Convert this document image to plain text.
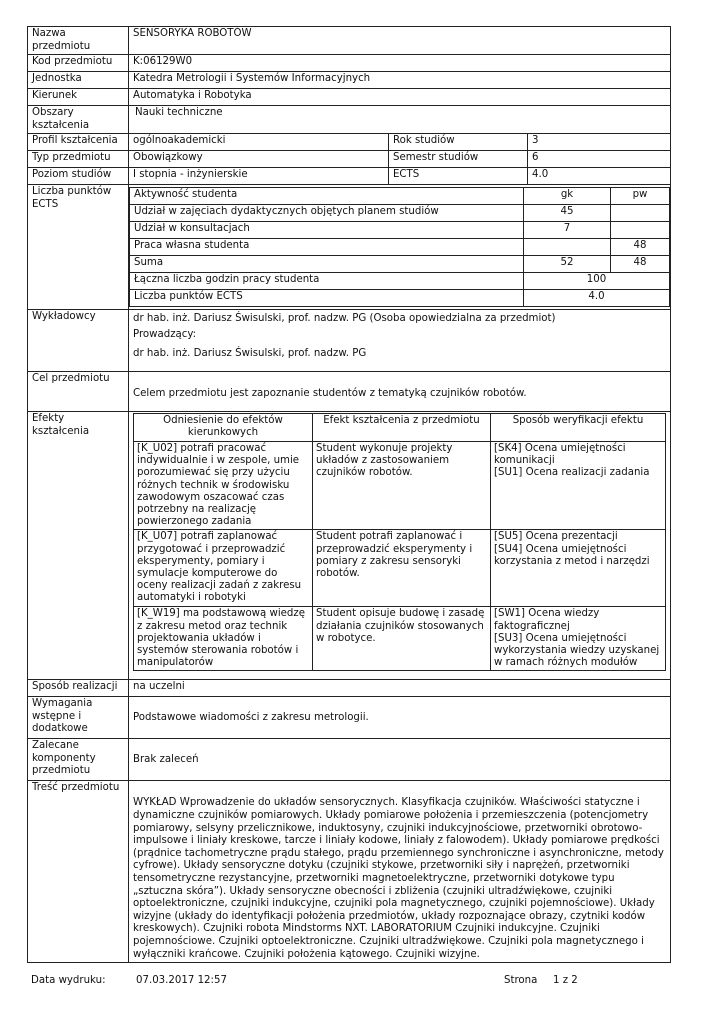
Nazwa przedmiotu	SENSORYKA ROBOTÓW
Kod przedmiotu	K:06129W0
Jednostka	Katedra Metrologii i Systemów Informacyjnych
Kierunek	Automatyka i Robotyka
Obszary kształcenia	Nauki techniczne
Profil kształcenia	ogólnoakademicki	Rok studiów	3
Typ przedmiotu	Obowiązkowy	Semestr studiów	6
Poziom studiów	I stopnia - inżynierskie	ECTS	4.0
Liczba punktów ECTS	
Aktywność studenta	gk	pw
Udział w zajęciach dydaktycznych objętych planem studiów	45	
Udział w konsultacjach	7	
Praca własna studenta		48
Suma	52	48
Łączna liczba godzin pracy studenta	100
Liczba punktów ECTS	4.0

Wykładowcy	dr hab. inż. Dariusz Świsulski, prof. nadzw. PG (Osoba opowiedzialna za przedmiot)
Prowadzący:
dr hab. inż. Dariusz Świsulski, prof. nadzw. PG

Cel przedmiotu	Celem przedmiotu jest zapoznanie studentów z tematyką czujników robotów.
Efekty kształcenia	
Odniesienie do efektów kierunkowych	Efekt kształcenia z przedmiotu	Sposób weryfikacji efektu
[K_U02] potrafi pracować indywidualnie i w zespole, umie porozumiewać się przy użyciu różnych technik w środowisku zawodowym oszacować czas potrzebny na realizację powierzonego zadania	Student wykonuje projekty układów z zastosowaniem czujników robotów.	[SK4] Ocena umiejętności komunikacji
[SU1] Ocena realizacji zadania
[K_U07] potrafi zaplanować przygotować i przeprowadzić eksperymenty, pomiary i symulacje komputerowe do oceny realizacji zadań z zakresu automatyki i robotyki	Student potrafi zaplanować i przeprowadzić eksperymenty i pomiary z zakresu sensoryki robotów.	[SU5] Ocena prezentacji
[SU4] Ocena umiejętności korzystania z metod i narzędzi
[K_W19] ma podstawową wiedzę z zakresu metod oraz technik projektowania układów i systemów sterowania robotów i manipulatorów	Student opisuje budowę i zasadę działania czujników stosowanych w robotyce.	[SW1] Ocena wiedzy faktograficznej
[SU3] Ocena umiejętności wykorzystania wiedzy uzyskanej w ramach różnych modułów

Sposób realizacji	na uczelni
Wymagania wstępne i dodatkowe	Podstawowe wiadomości z zakresu metrologii.
Zalecane komponenty przedmiotu	Brak zaleceń
Treść przedmiotu	WYKŁAD Wprowadzenie do układów sensorycznych. Klasyfikacja czujników. Właściwości statyczne i dynamiczne czujników pomiarowych. Układy pomiarowe położenia i przemieszczenia (potencjometry pomiarowy, selsyny przelicznikowe, induktosyny, czujniki indukcyjnościowe, przetworniki obrotowo-impulsowe i liniały kreskowe, tarcze i liniały kodowe, liniały z falowodem). Układy pomiarowe prędkości (prądnice tachometryczne prądu stałego, prądu przemiennego synchroniczne i asynchroniczne, metody cyfrowe). Układy sensoryczne dotyku (czujniki stykowe, przetworniki siły i naprężeń, przetworniki tensometryczne rezystancyjne, przetworniki magnetoelektryczne, przetworniki dotykowe typu „sztuczna skóra”). Układy sensoryczne obecności i zbliżenia (czujniki ultradźwiękowe, czujniki optoelektroniczne, czujniki indukcyjne, czujniki pola magnetycznego, czujniki pojemnościowe). Układy wizyjne (układy do identyfikacji położenia przedmiotów, układy rozpoznające obrazy, czytniki kodów kreskowych). Czujniki robota Mindstorms NXT. LABORATORIUM Czujniki indukcyjne. Czujniki pojemnościowe. Czujniki optoelektroniczne. Czujniki ultradźwiękowe. Czujniki pola magnetycznego i wyłączniki krańcowe. Czujniki położenia kątowego. Czujniki wizyjne.
Data wydruku:	07.03.2017 12:57	Strona 1 z 2
